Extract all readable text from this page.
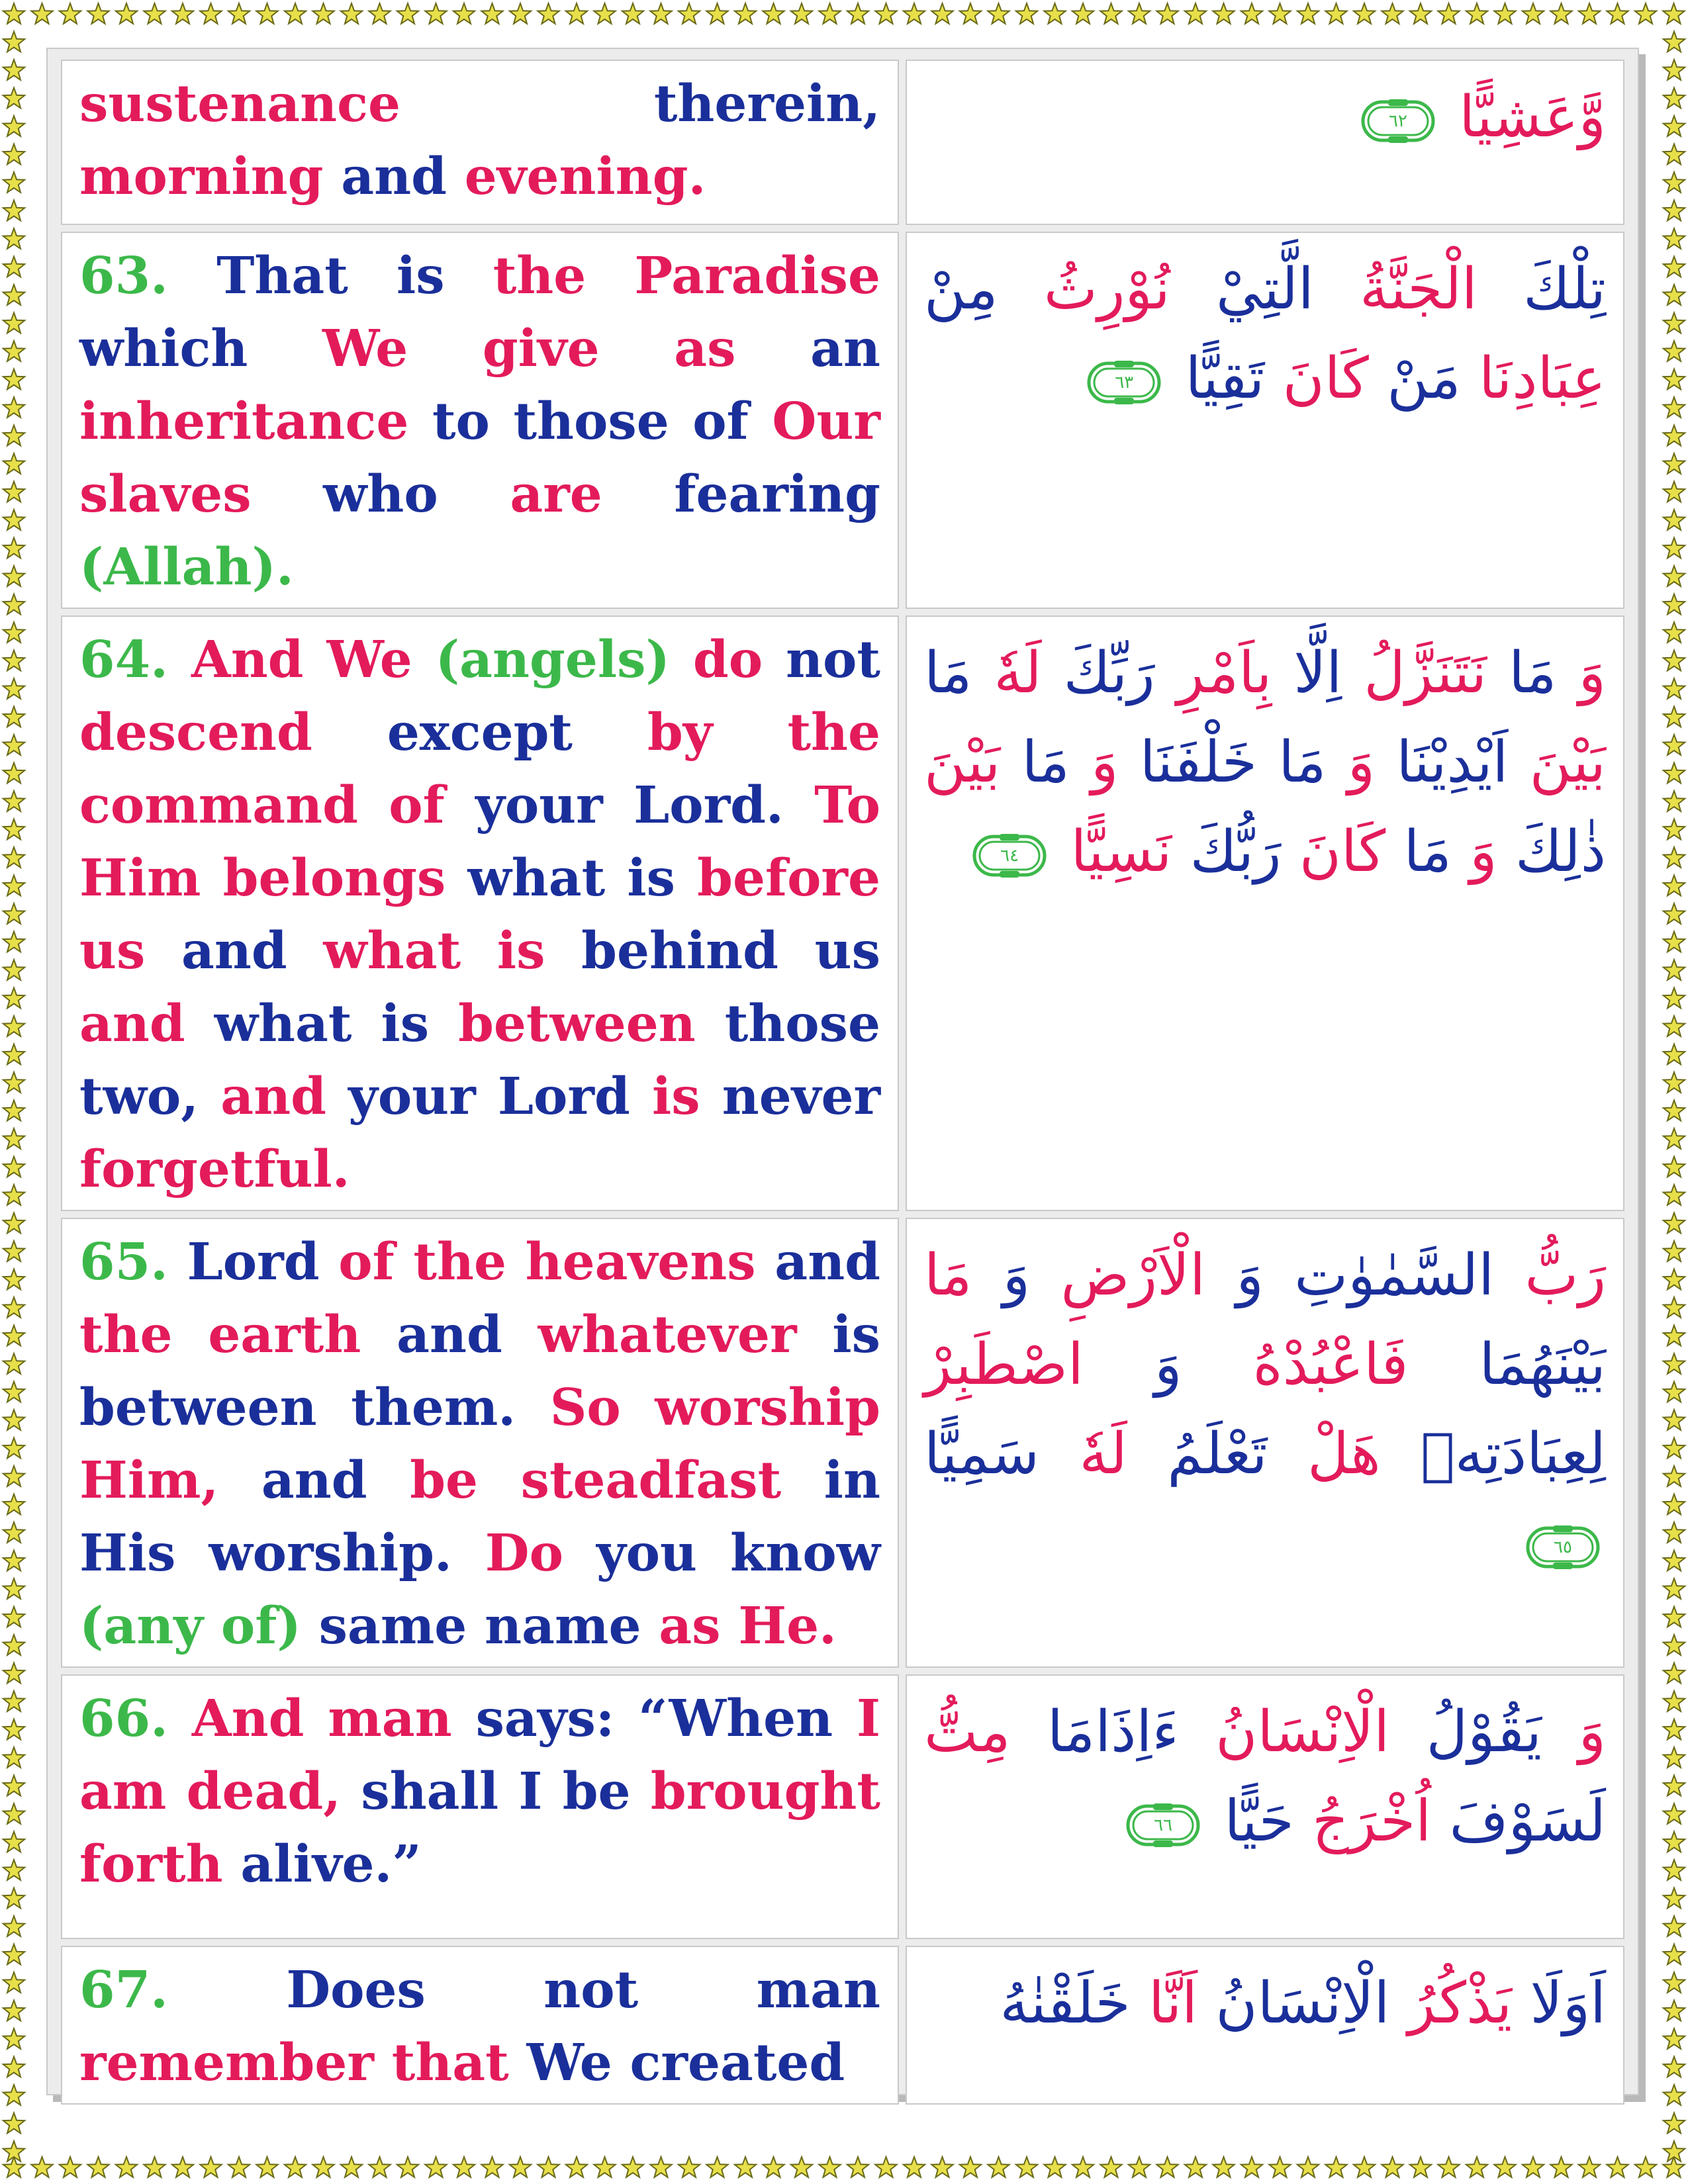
sustenance therein, morning and evening.	وَّعَشِيًّا
٦٢

63. That is the Paradise which We give as an inheritance to those of Our slaves who are fearing (Allah).	تِلْكَ الْجَنَّةُ الَّتِيْ نُوْرِثُ مِنْ عِبَادِنَا مَنْ كَانَ تَقِيًّا
٦٣

64. And We (angels) do not descend except by the command of your Lord. To Him belongs what is before us and what is behind us and what is between those two, and your Lord is never forgetful.	وَ مَا نَتَنَزَّلُ اِلَّا بِاَمْرِ رَبِّكَ لَهٗ مَا بَيْنَ اَيْدِيْنَا وَ مَا خَلْفَنَا وَ مَا بَيْنَ ذٰلِكَ وَ مَا كَانَ رَبُّكَ نَسِيًّا
٦٤

65. Lord of the heavens and the earth and whatever is between them. So worship Him, and be steadfast in His worship. Do you know (any of) same name as He.	رَبُّ السَّمٰوٰتِ وَ الْاَرْضِ وَ مَا بَيْنَهُمَا فَاعْبُدْهُ وَ اصْطَبِرْ لِعِبَادَتِهٖ هَلْ تَعْلَمُ لَهٗ سَمِيًّا
٦٥

66. And man says: “When I am dead, shall I be brought forth alive.”	وَ يَقُوْلُ الْاِنْسَانُ ءَاِذَامَا مِتُّ لَسَوْفَ اُخْرَجُ حَيًّا
٦٦

67. Does not man remember that We created	اَوَلَا يَذْكُرُ الْاِنْسَانُ اَنَّا خَلَقْنٰهُ
